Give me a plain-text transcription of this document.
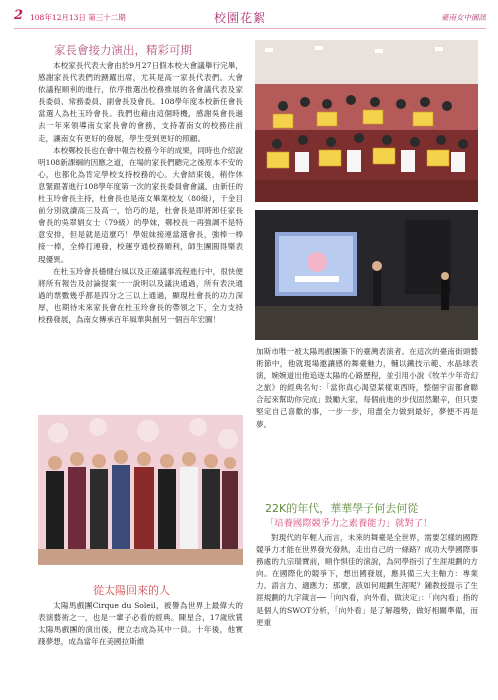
2 108年12月13日 第三十二期	校園花絮	臺南女中園訊
家長會接力演出，精彩可期

本校家長代表大會由於9月27日假本校大會議舉行完畢，感謝家長代表們的踴躍出席，尤其是高一家長代表們。大會依議程順利的進行，依序推選出校務推展的各會議代表及家長委員、常務委員、副會長及會長。108學年度本校新任會長當選人為杜玉玲會長。我們也藉由這個時機，感謝吳會長過去一年來領導南女家長會的會務，支持著南女的校務往前走，讓南女有更好的發展，學生受到更好的照顧。

本校鄭校長也在會中報告校務今年的成果，同時也介紹說明108新課綱的因應之道，在場的家長們聽完之後原本不安的心，也都化為肯定學校支持校務的心。大會結束後，稍作休息緊跟著進行108學年度第一次的家長委員會會議，由新任的杜玉玲會長主持，杜會長也是南女畢業校友（80級），千金目前分別就讀高三及高一，恰巧的是，杜會長是即將卸任家長會長的吳翠娟女士（79級）的學妹，鄭校長一再強調不是特意安排，但是就是這麼巧！學姐妹接連當選會長，強棒一棒接一棒，全棒打連發，校運亨通校務順利，師生團圓得樂表現優異。

在杜玉玲會長穩健台風以及正確議事流程進行中，很快便將所有報告及討論提案一一說明以及議決通過，所有表決通過的票數幾乎都是四分之三以上通過，顯現杜會長的功力深厚，也期待未來家長會在杜玉玲會長的帶領之下，全力支持校務發展，為南女傳承百年風華與創另一個百年宏圖！

加斯市唯一被太陽馬戲團簽下的臺灣表演者。在這次的臺南街頭藝術節中，他就現場邀讓感的舞臺魅力，輔以鐵技示範、水晶球表演，婉婉道出他追逐太陽的心路歷程，並引用小說《牧羊少年奇幻之旅》的經典名句：「當你真心渴望某樣東西時，整個宇宙都會聯合起來幫助你完成」鼓勵大家，每個前進的步伐固然艱辛，但只要堅定自己喜歡的事，一步一步，用盡全力做到最好，夢便不再是夢。

從太陽回來的人

太陽馬戲團Cirque du Soleil，被譽為世界上最偉大的表演藝術之一，也是一輩子必看的經典。陳星合，17歲欣賞太陽馬戲團的演出後，便立志成為其中一員。十年後，他實踐夢想，成為當年在美國拉斯維

22K的年代，華華學子何去何從
「培養國際競爭力之素養能力」就對了！

對現代的年輕人而言，未來的舞臺是全世界，需要怎樣的國際競爭力才能在世界發光發熱，走出自己的一條路？成功大學國際事務處的九宗瑞寶前，順作惧佳的演說，為同學指引了生涯規劃的方向。在國際化的競爭下，想出國發展，應具備三大主軸力：專業力、語言力、適應力；那麼，該如何規劃生涯呢？鍾教授提示了生涯規劃的九字箴言──「向內看，向外看，做決定」：「向內看」指的是個人的SWOT分析，「向外看」是了解趨勢，做好相關準備，而更重
